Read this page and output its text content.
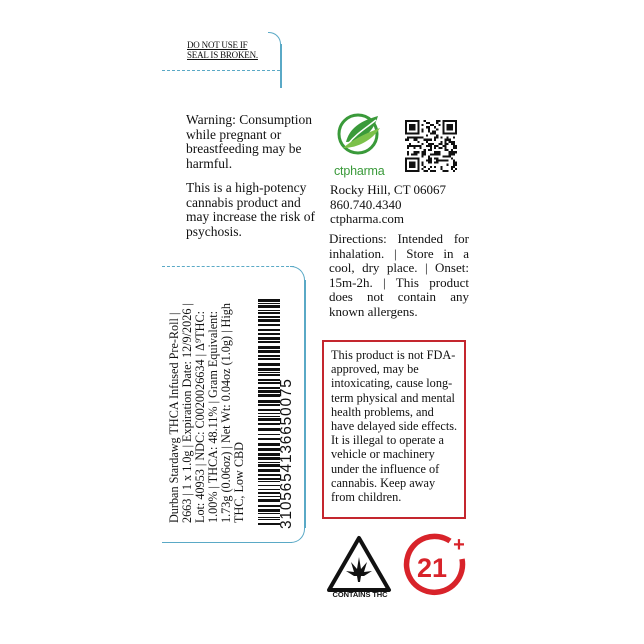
DO NOT USE IF
SEAL IS BROKEN.

Warning: Consumption while pregnant or breastfeeding may be harmful.

This is a high-potency cannabis product and may increase the risk of psychosis.

ctpharma
Rocky Hill, CT 06067
860.740.4340
ctpharma.com
Directions: Intended for inhalation. | Store in a cool, dry place. | Onset: 15m-2h. | This product does not contain any known allergens.
This product is not FDA-approved, may be intoxicating, cause long-term physical and mental health problems, and have delayed side effects. It is illegal to operate a vehicle or machinery under the influence of cannabis. Keep away from children.
Durban Stardawg THCA Infused Pre-Roll | 2663 | 1 x 1.0g | Expiration Date: 12/9/2026 | Lot: 40953 | NDC: C0020026634 | Δ⁹THC: 1.00% | THCA: 48.11% | Gram Equivalent: 1.73g (0.06oz) | Net Wt: 0.04oz (1.0g) | High THC, Low CBD 310565413665007​5
CONTAINS THC
21
+
